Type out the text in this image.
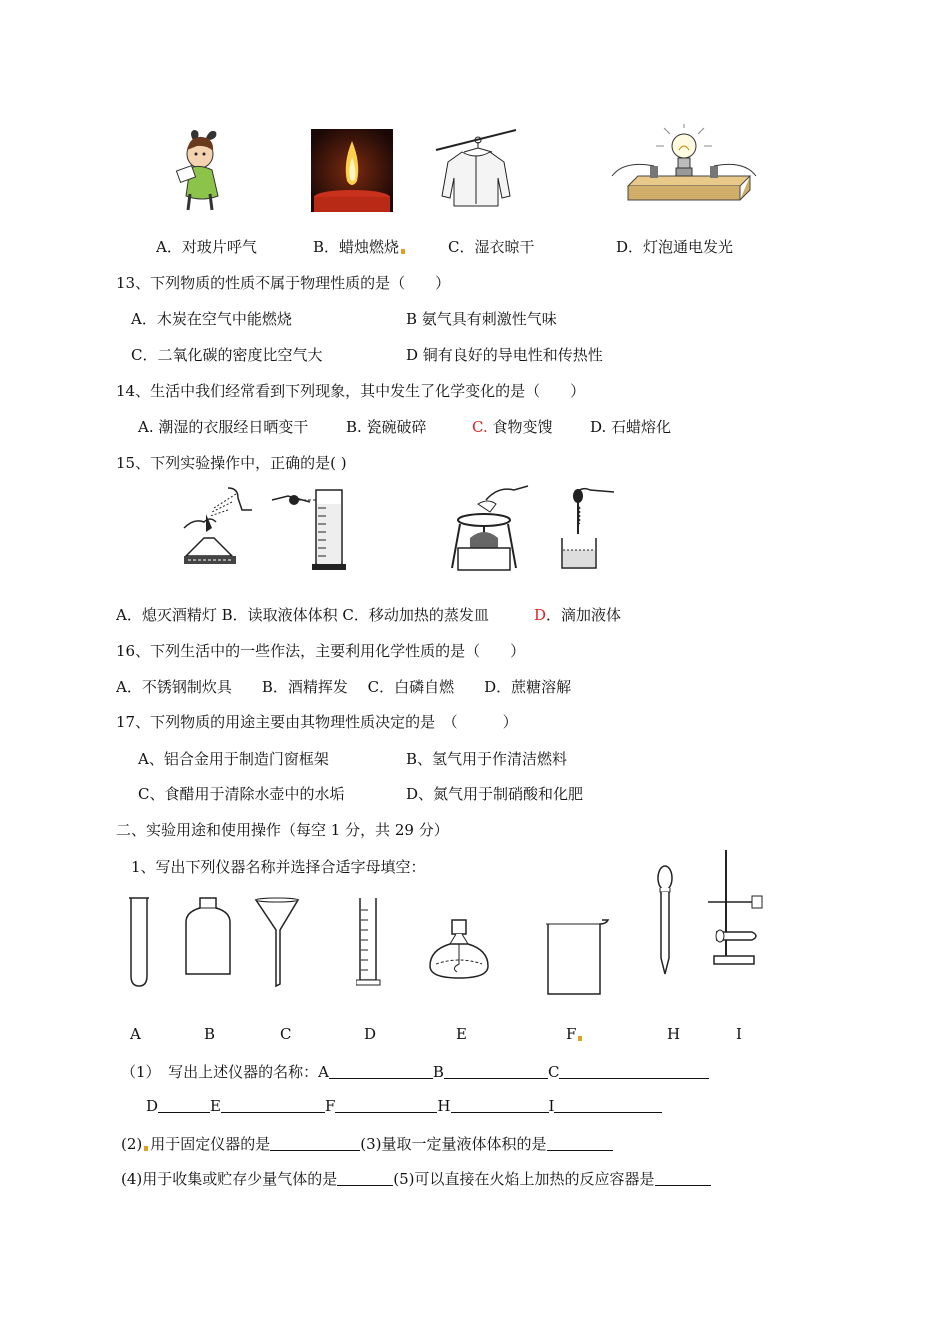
A．对玻片呼气	B．蜡烛燃烧	C．湿衣晾干	D．灯泡通电发光
13、下列物质的性质不属于物理性质的是（　　）
A．木炭在空气中能燃烧	B 氨气具有刺激性气味
C．二氧化碳的密度比空气大	D 铜有良好的导电性和传热性
14、生活中我们经常看到下列现象，其中发生了化学变化的是（　　）
A. 潮湿的衣服经日晒变干	B. 瓷碗破碎	C. 食物变馊 D. 石蜡熔化
15、下列实验操作中，正确的是( )
A．熄灭酒精灯 B．读取液体体积 C．移动加热的蒸发皿	D．滴加液体
16、下列生活中的一些作法，主要利用化学性质的是（　　）
A．不锈钢制炊具　　B．酒精挥发　 C．白磷自燃　　D．蔗糖溶解
17、下列物质的用途主要由其物理性质决定的是　 （　　　）
A、铝合金用于制造门窗框架	B、氢气用于作清洁燃料
C、食醋用于清除水壶中的水垢	D、氮气用于制硝酸和化肥
二、实验用途和使用操作（每空 1 分，共 29 分）
1、写出下列仪器名称并选择合适字母填空：
A	B	C	D	E	F	H	I
（1）　 写出上述仪器的名称：A	B	C
D	E	F	H	I
(2) 用于固定仪器的是	(3)量取一定量液体体积的是
(4)用于收集或贮存少量气体的是	(5)可以直接在火焰上加热的反应容器是
